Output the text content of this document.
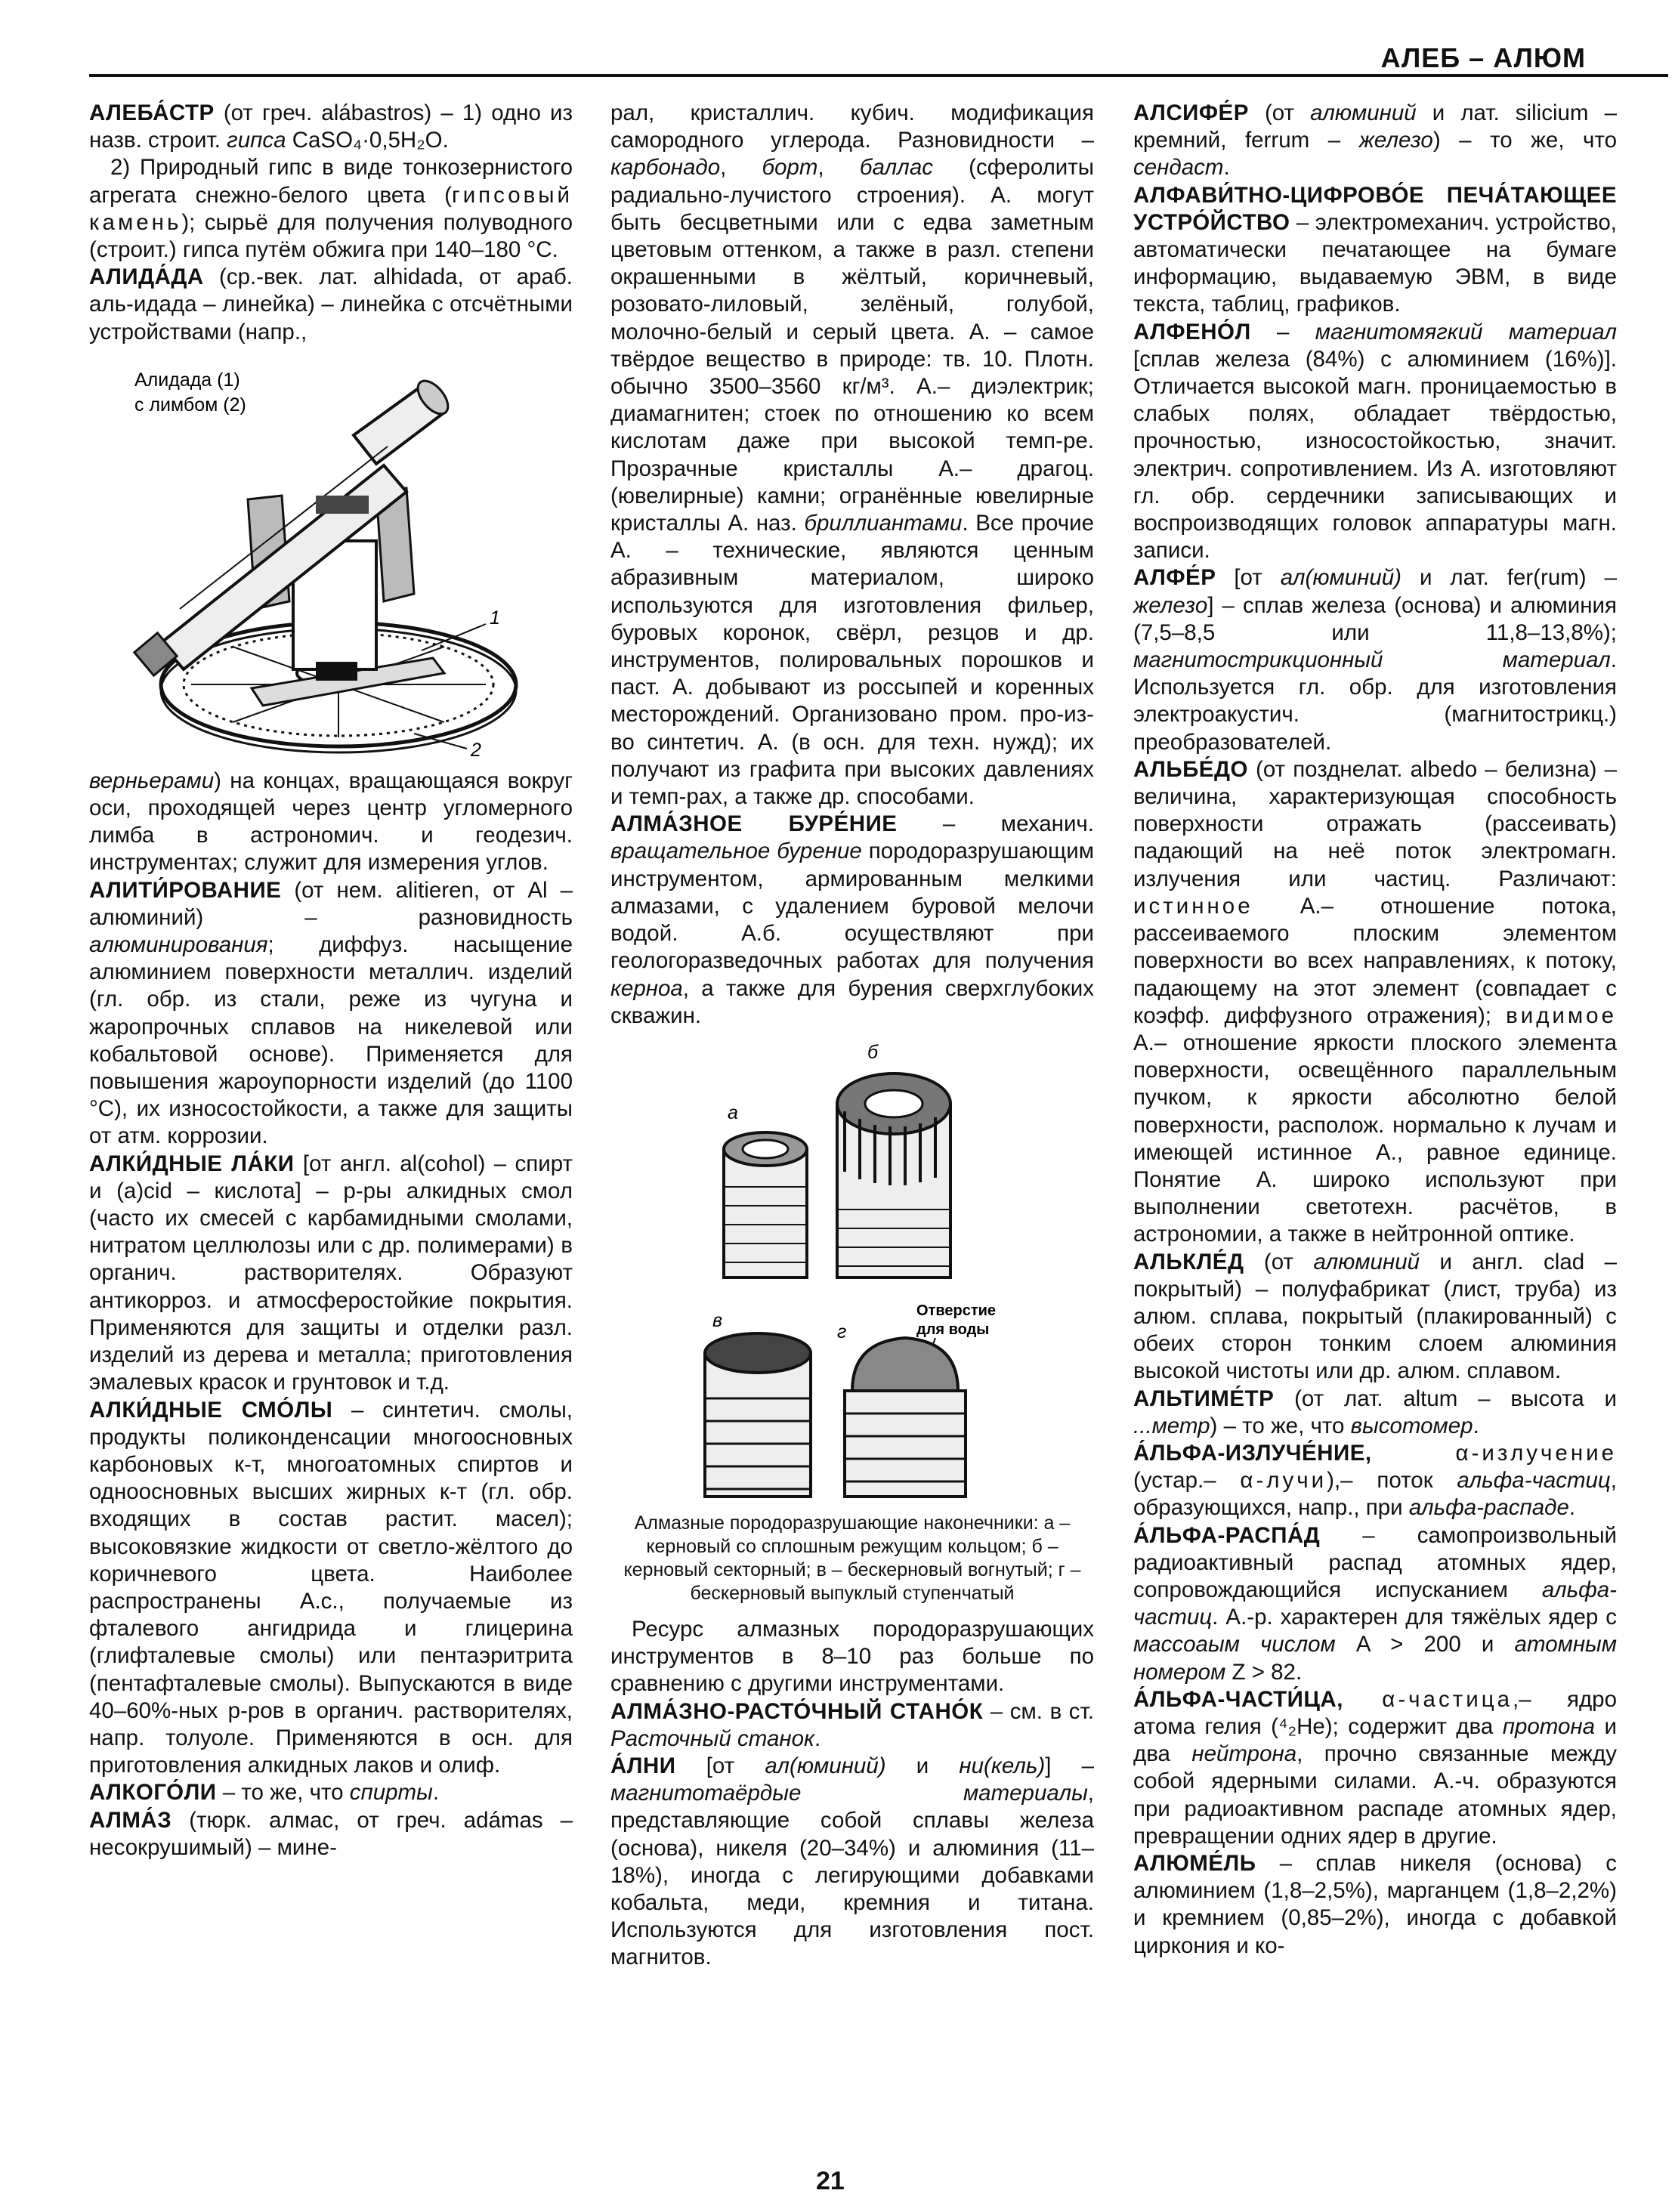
АЛЕБ – АЛЮМ

АЛЕБА́СТР (от греч. alábastros) – 1) одно из назв. строит. гипса CaSO₄·0,5H₂O.

2) Природный гипс в виде тонкозернистого агрегата снежно-белого цвета (гипсовый камень); сырьё для получения полуводного (строит.) гипса путём обжига при 140–180 °С.

АЛИДА́ДА (ср.-век. лат. alhidada, от араб. аль-идада – линейка) – линейка с отсчётными устройствами (напр.,

Алидада (1)
с лимбом (2)
1
2

верньерами) на концах, вращающаяся вокруг оси, проходящей через центр угломерного лимба в астрономич. и геодезич. инструментах; служит для измерения углов.

АЛИТИ́РОВАНИЕ (от нем. alitieren, от Al – алюминий) – разновидность алюминирования; диффуз. насыщение алюминием поверхности металлич. изделий (гл. обр. из стали, реже из чугуна и жаропрочных сплавов на никелевой или кобальтовой основе). Применяется для повышения жароупорности изделий (до 1100 °С), их износостойкости, а также для защиты от атм. коррозии.

АЛКИ́ДНЫЕ ЛА́КИ [от англ. al(cohol) – спирт и (a)cid – кислота] – р-ры алкидных смол (часто их смесей с карбамидными смолами, нитратом целлюлозы или с др. полимерами) в органич. растворителях. Образуют антикорроз. и атмосферостойкие покрытия. Применяются для защиты и отделки разл. изделий из дерева и металла; приготовления эмалевых красок и грунтовок и т.д.

АЛКИ́ДНЫЕ СМО́ЛЫ – синтетич. смолы, продукты поликонденсации многоосновных карбоновых к-т, многоатомных спиртов и одноосновных высших жирных к-т (гл. обр. входящих в состав растит. масел); высоковязкие жидкости от светло-жёлтого до коричневого цвета. Наиболее распространены А.с., получаемые из фталевого ангидрида и глицерина (глифталевые смолы) или пентаэритрита (пентафталевые смолы). Выпускаются в виде 40–60%-ных р-ров в органич. растворителях, напр. толуоле. Применяются в осн. для приготовления алкидных лаков и олиф.

АЛКОГО́ЛИ – то же, что спирты.

АЛМА́З (тюрк. алмас, от греч. adámas – несокрушимый) – мине-

рал, кристаллич. кубич. модификация самородного углерода. Разновидности – карбонадо, борт, баллас (сферолиты радиально-лучистого строения). А. могут быть бесцветными или с едва заметным цветовым оттенком, а также в разл. степени окрашенными в жёлтый, коричневый, розовато-лиловый, зелёный, голубой, молочно-белый и серый цвета. А. – самое твёрдое вещество в природе: тв. 10. Плотн. обычно 3500–3560 кг/м³. А.– диэлектрик; диамагнитен; стоек по отношению ко всем кислотам даже при высокой темп-ре. Прозрачные кристаллы А.– драгоц. (ювелирные) камни; огранённые ювелирные кристаллы А. наз. бриллиантами. Все прочие А. – технические, являются ценным абразивным материалом, широко используются для изготовления фильер, буровых коронок, свёрл, резцов и др. инструментов, полировальных порошков и паст. А. добывают из россыпей и коренных месторождений. Организовано пром. про-из-во синтетич. А. (в осн. для техн. нужд); их получают из графита при высоких давлениях и темп-рах, а также др. способами.

АЛМА́ЗНОЕ БУРЕ́НИЕ – механич. вращательное бурение породоразрушающим инструментом, армированным мелкими алмазами, с удалением буровой мелочи водой. А.б. осуществляют при геологоразведочных работах для получения керноа, а также для бурения сверхглубоких скважин.

а
б
Отверстие
для воды
в
г
Алмазные породоразрушающие наконечники: а – керновый со сплошным режущим кольцом; б – керновый секторный; в – бескерновый вогнутый; г – бескерновый выпуклый ступенчатый

Ресурс алмазных породоразрушающих инструментов в 8–10 раз больше по сравнению с другими инструментами.

АЛМА́ЗНО-РАСТО́ЧНЫЙ СТАНО́К – см. в ст. Расточный станок.

А́ЛНИ [от ал(юминий) и ни(кель)] – магнитотаёрдые материалы, представляющие собой сплавы железа (основа), никеля (20–34%) и алюминия (11–18%), иногда с легирующими добавками кобальта, меди, кремния и титана. Используются для изготовления пост. магнитов.

АЛСИФЕ́Р (от алюминий и лат. silicium – кремний, ferrum – железо) – то же, что сендаст.

АЛФАВИ́ТНО-ЦИФРОВО́Е ПЕЧА́ТАЮЩЕЕ УСТРО́ЙСТВО – электромеханич. устройство, автоматически печатающее на бумаге информацию, выдаваемую ЭВМ, в виде текста, таблиц, графиков.

АЛФЕНО́Л – магнитомягкий материал [сплав железа (84%) с алюминием (16%)]. Отличается высокой магн. проницаемостью в слабых полях, обладает твёрдостью, прочностью, износостойкостью, значит. электрич. сопротивлением. Из А. изготовляют гл. обр. сердечники записывающих и воспроизводящих головок аппаратуры магн. записи.

АЛФЕ́Р [от ал(юминий) и лат. fer(rum) – железо] – сплав железа (основа) и алюминия (7,5–8,5 или 11,8–13,8%); магнитострикционный материал. Используется гл. обр. для изготовления электроакустич. (магнитострикц.) преобразователей.

АЛЬБЕ́ДО (от позднелат. albedo – белизна) – величина, характеризующая способность поверхности отражать (рассеивать) падающий на неё поток электромагн. излучения или частиц. Различают: истинное А.– отношение потока, рассеиваемого плоским элементом поверхности во всех направлениях, к потоку, падающему на этот элемент (совпадает с коэфф. диффузного отражения); видимое А.– отношение яркости плоского элемента поверхности, освещённого параллельным пучком, к яркости абсолютно белой поверхности, располож. нормально к лучам и имеющей истинное А., равное единице. Понятие А. широко используют при выполнении светотехн. расчётов, в астрономии, а также в нейтронной оптике.

АЛЬКЛЕ́Д (от алюминий и англ. clad – покрытый) – полуфабрикат (лист, труба) из алюм. сплава, покрытый (плакированный) с обеих сторон тонким слоем алюминия высокой чистоты или др. алюм. сплавом.

АЛЬТИМЕ́ТР (от лат. altum – высота и ...метр) – то же, что высотомер.

А́ЛЬФА-ИЗЛУЧЕ́НИЕ, α-излучение (устар.– α-лучи),– поток альфа-частиц, образующихся, напр., при альфа-распаде.

А́ЛЬФА-РАСПА́Д – самопроизвольный радиоактивный распад атомных ядер, сопровождающийся испусканием альфа-частиц. А.-р. характерен для тяжёлых ядер с массоаым числом A > 200 и атомным номером Z > 82.

А́ЛЬФА-ЧАСТИ́ЦА, α-частица,– ядро атома гелия (⁴₂He); содержит два протона и два нейтрона, прочно связанные между собой ядерными силами. А.-ч. образуются при радиоактивном распаде атомных ядер, превращении одних ядер в другие.

АЛЮМЕ́ЛЬ – сплав никеля (основа) с алюминием (1,8–2,5%), марганцем (1,8–2,2%) и кремнием (0,85–2%), иногда с добавкой циркония и ко-

21
